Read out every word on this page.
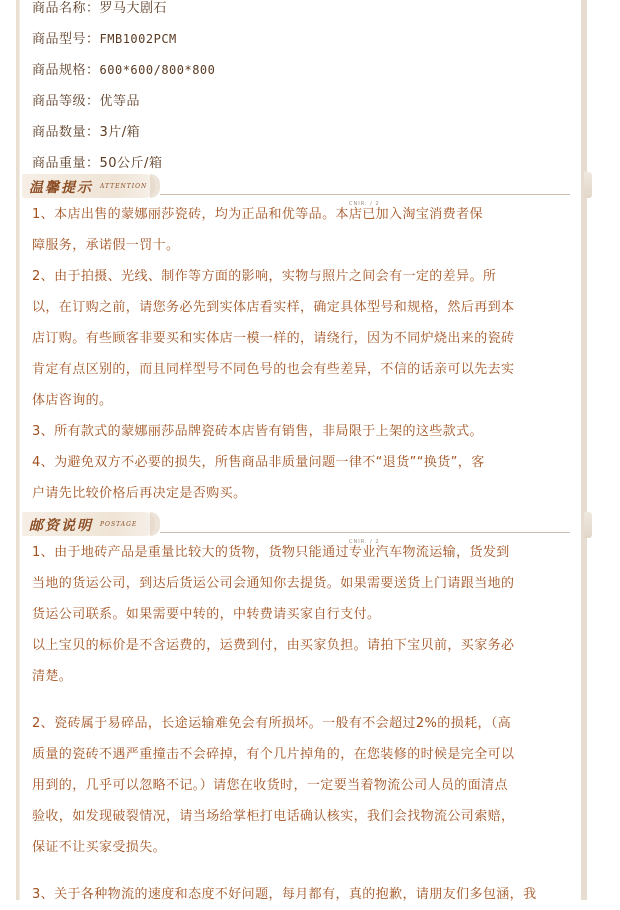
商品名称：罗马大剧石
商品型号：FMB1002PCM
商品规格：600*600/800*800
商品等级：优等品
商品数量：3片/箱
商品重量：50公斤/箱
温馨提示 ATTENTION
CNIR. / 2
1、本店出售的蒙娜丽莎瓷砖，均为正品和优等品。本店已加入淘宝消费者保
障服务，承诺假一罚十。
2、由于拍摄、光线、制作等方面的影响，实物与照片之间会有一定的差异。所
以，在订购之前，请您务必先到实体店看实样，确定具体型号和规格，然后再到本
店订购。有些顾客非要买和实体店一模一样的，请绕行，因为不同炉烧出来的瓷砖
肯定有点区别的，而且同样型号不同色号的也会有些差异，不信的话亲可以先去实
体店咨询的。
3、所有款式的蒙娜丽莎品牌瓷砖本店皆有销售，非局限于上架的这些款式。
4、为避免双方不必要的损失，所售商品非质量问题一律不“退货”“换货”，客
户请先比较价格后再决定是否购买。
邮资说明 POSTAGE
CNIR. / 2
1、由于地砖产品是重量比较大的货物，货物只能通过专业汽车物流运输，货发到
当地的货运公司，到达后货运公司会通知你去提货。如果需要送货上门请跟当地的
货运公司联系。如果需要中转的，中转费请买家自行支付。
以上宝贝的标价是不含运费的，运费到付，由买家负担。请拍下宝贝前，买家务必
清楚。
2、瓷砖属于易碎品，长途运输难免会有所损坏。一般有不会超过2%的损耗，（高
质量的瓷砖不遇严重撞击不会碎掉，有个几片掉角的，在您装修的时候是完全可以
用到的，几乎可以忽略不记。）请您在收货时，一定要当着物流公司人员的面清点
验收，如发现破裂情况，请当场给掌柜打电话确认核实，我们会找物流公司索赔，
保证不让买家受损失。
3、关于各种物流的速度和态度不好问题，每月都有，真的抱歉，请朋友们多包涵，我
